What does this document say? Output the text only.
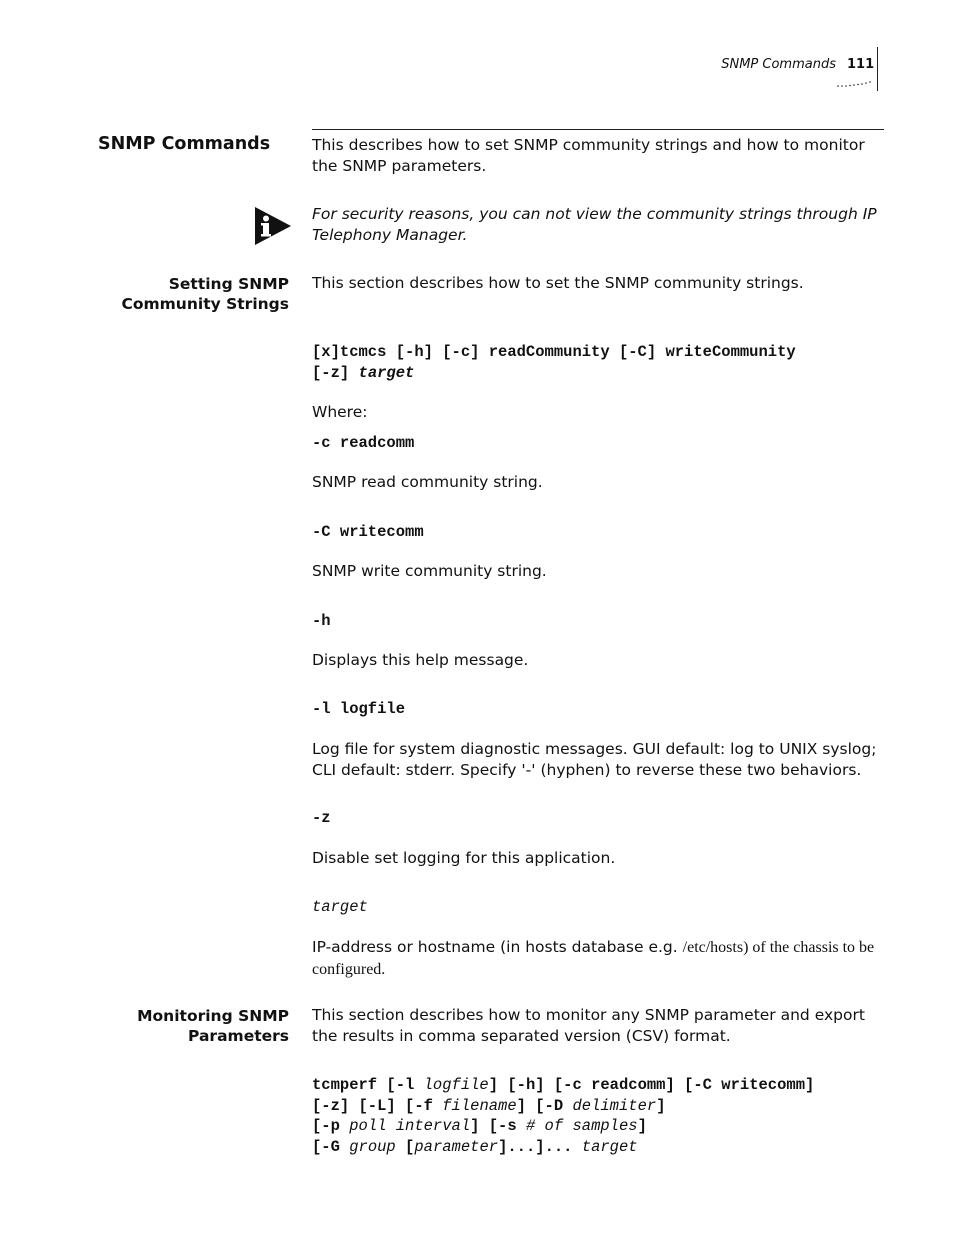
SNMP Commands 111
SNMP Commands	This describes how to set SNMP community strings and how to monitor the SNMP parameters.
For security reasons, you can not view the community strings through IP Telephony Manager.
Setting SNMP
Community Strings
This section describes how to set the SNMP community strings.
[x]tcmcs [-h] [-c] readCommunity [-C] writeCommunity
[-z] target
Where:
-c readcomm
SNMP read community string.
-C writecomm
SNMP write community string.
-h
Displays this help message.
-l logfile
Log file for system diagnostic messages. GUI default: log to UNIX syslog; CLI default: stderr. Specify '-' (hyphen) to reverse these two behaviors.
-z
Disable set logging for this application.
target
IP-address or hostname (in hosts database e.g. /etc/hosts) of the chassis to be configured.
Monitoring SNMP
Parameters
This section describes how to monitor any SNMP parameter and export the results in comma separated version (CSV) format.
tcmperf [-l logfile] [-h] [-c readcomm] [-C writecomm]
[-z] [-L] [-f filename] [-D delimiter]
[-p poll interval] [-s # of samples]
[-G group [parameter]...]... target
